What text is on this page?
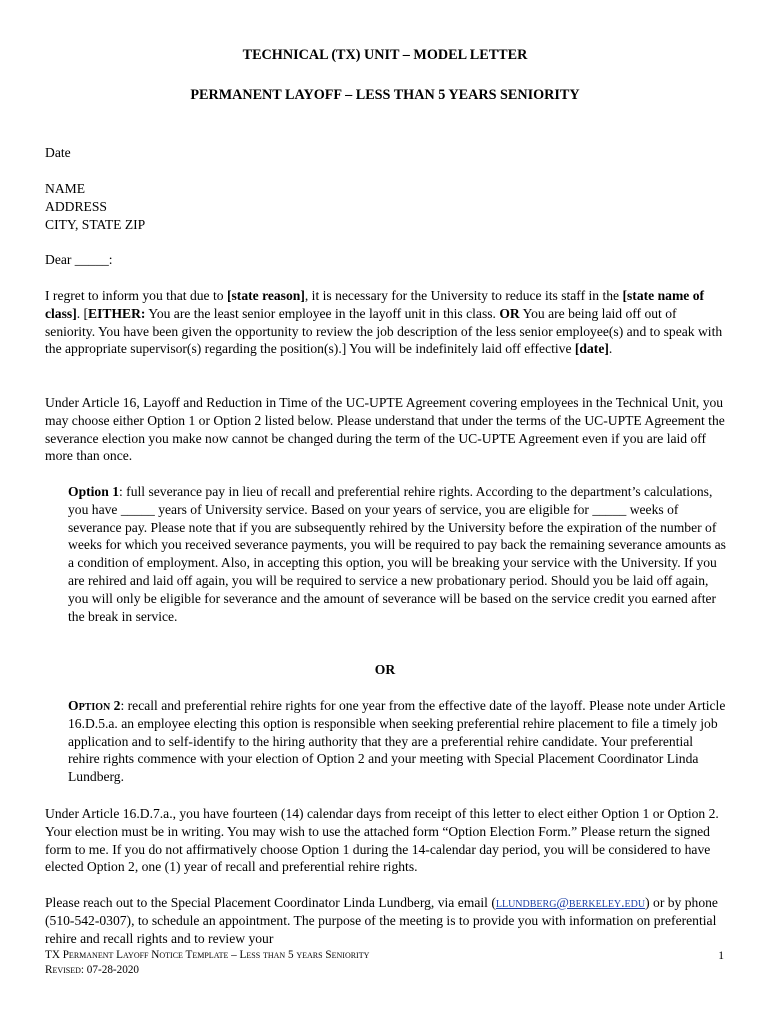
TECHNICAL (TX) UNIT – MODEL LETTER
PERMANENT LAYOFF – LESS THAN 5 YEARS SENIORITY
Date
NAME
ADDRESS
CITY, STATE ZIP
Dear _____:
I regret to inform you that due to [state reason], it is necessary for the University to reduce its staff in the [state name of class]. [EITHER: You are the least senior employee in the layoff unit in this class. OR You are being laid off out of seniority. You have been given the opportunity to review the job description of the less senior employee(s) and to speak with the appropriate supervisor(s) regarding the position(s).] You will be indefinitely laid off effective [date].
Under Article 16, Layoff and Reduction in Time of the UC-UPTE Agreement covering employees in the Technical Unit, you may choose either Option 1 or Option 2 listed below. Please understand that under the terms of the UC-UPTE Agreement the severance election you make now cannot be changed during the term of the UC-UPTE Agreement even if you are laid off more than once.
Option 1: full severance pay in lieu of recall and preferential rehire rights. According to the department’s calculations, you have _____ years of University service. Based on your years of service, you are eligible for _____ weeks of severance pay. Please note that if you are subsequently rehired by the University before the expiration of the number of weeks for which you received severance payments, you will be required to pay back the remaining severance amounts as a condition of employment. Also, in accepting this option, you will be breaking your service with the University. If you are rehired and laid off again, you will be required to service a new probationary period. Should you be laid off again, you will only be eligible for severance and the amount of severance will be based on the service credit you earned after the break in service.
OR
Option 2: recall and preferential rehire rights for one year from the effective date of the layoff. Please note under Article 16.D.5.a. an employee electing this option is responsible when seeking preferential rehire placement to file a timely job application and to self-identify to the hiring authority that they are a preferential rehire candidate. Your preferential rehire rights commence with your election of Option 2 and your meeting with Special Placement Coordinator Linda Lundberg.
Under Article 16.D.7.a., you have fourteen (14) calendar days from receipt of this letter to elect either Option 1 or Option 2. Your election must be in writing. You may wish to use the attached form “Option Election Form.” Please return the signed form to me. If you do not affirmatively choose Option 1 during the 14-calendar day period, you will be considered to have elected Option 2, one (1) year of recall and preferential rehire rights.
Please reach out to the Special Placement Coordinator Linda Lundberg, via email (llundberg@berkeley.edu) or by phone (510-542-0307), to schedule an appointment. The purpose of the meeting is to provide you with information on preferential rehire and recall rights and to review your
TX Permanent Layoff Notice Template – Less than 5 years Seniority
Revised: 07-28-2020
1
